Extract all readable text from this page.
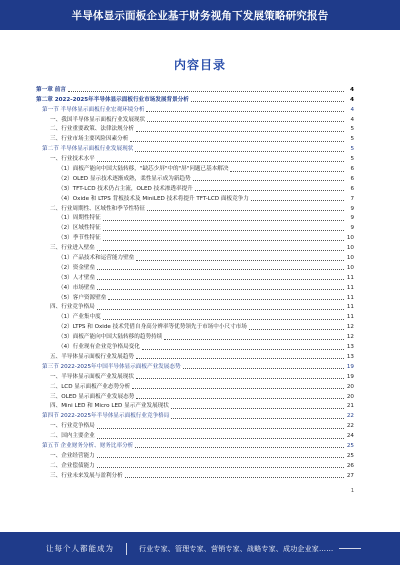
半导体显示面板企业基于财务视角下发展策略研究报告
内容目录
第一章 前言	4
第二章 2022-2025年半导体显示面板行业市场发展背景分析	4
第一节 半导体显示面板行业宏观环境分析	4
一、我国半导体显示面板行业发展现状	4
二、行业重要政策、法律法规分析	5
三、行业市场主要风险因素分析	5
第二节 半导体显示面板行业发展现状	5
一、行业技术水平	5
（1）面板产能向中国大陆转移，"缺芯少屏"中的"屏"问题已基本解决	6
（2）OLED 显示技术逐渐成熟，柔性显示成为新趋势	6
（3）TFT-LCD 技术仍占主流，OLED 技术渗透率提升	6
（4）Oxide 和 LTPS 背板技术及 MiniLED 技术将提升 TFT-LCD 面板竞争力	7
二、行业周期性、区域性和季节性特征	9
（1）周期性特征	9
（2）区域性特征	9
（3）季节性特征	10
三、行业进入壁垒	10
（1）产品技术和运营能力壁垒	10
（2）资金壁垒	10
（3）人才壁垒	11
（4）市场壁垒	11
（5）客户资源壁垒	11
四、行业竞争格局	11
（1）产业集中度	11
（2）LTPS 和 Oxide 技术凭借自身高分辨率等优势领先于市场中小尺寸市场	12
（3）面板产能向中国大陆转移的趋势持续	12
（4）行业现有企业竞争格局变化	13
五、半导体显示面板行业发展趋势	13
第三节 2022-2025年中国半导体显示面板产业发展态势	19
一、半导体显示面板产业发展现状	19
二、LCD 显示面板产业态势分析	20
三、OLED 显示面板产业发展态势	20
四、Mini LED 和 Micro LED 显示产业发展现状	21
第四节 2022-2025年半导体显示面板行业竞争格局	22
一、行业竞争格局	22
二、国内主要企业	24
第五节 企业财务分析、财务比率分析	25
一、企业经营能力	25
二、企业偿债能力	26
三、行业未来发展与盈利分析	27
1
让每个人都能成为	行业专家、管理专家、营销专家、战略专家、成功企业家……
